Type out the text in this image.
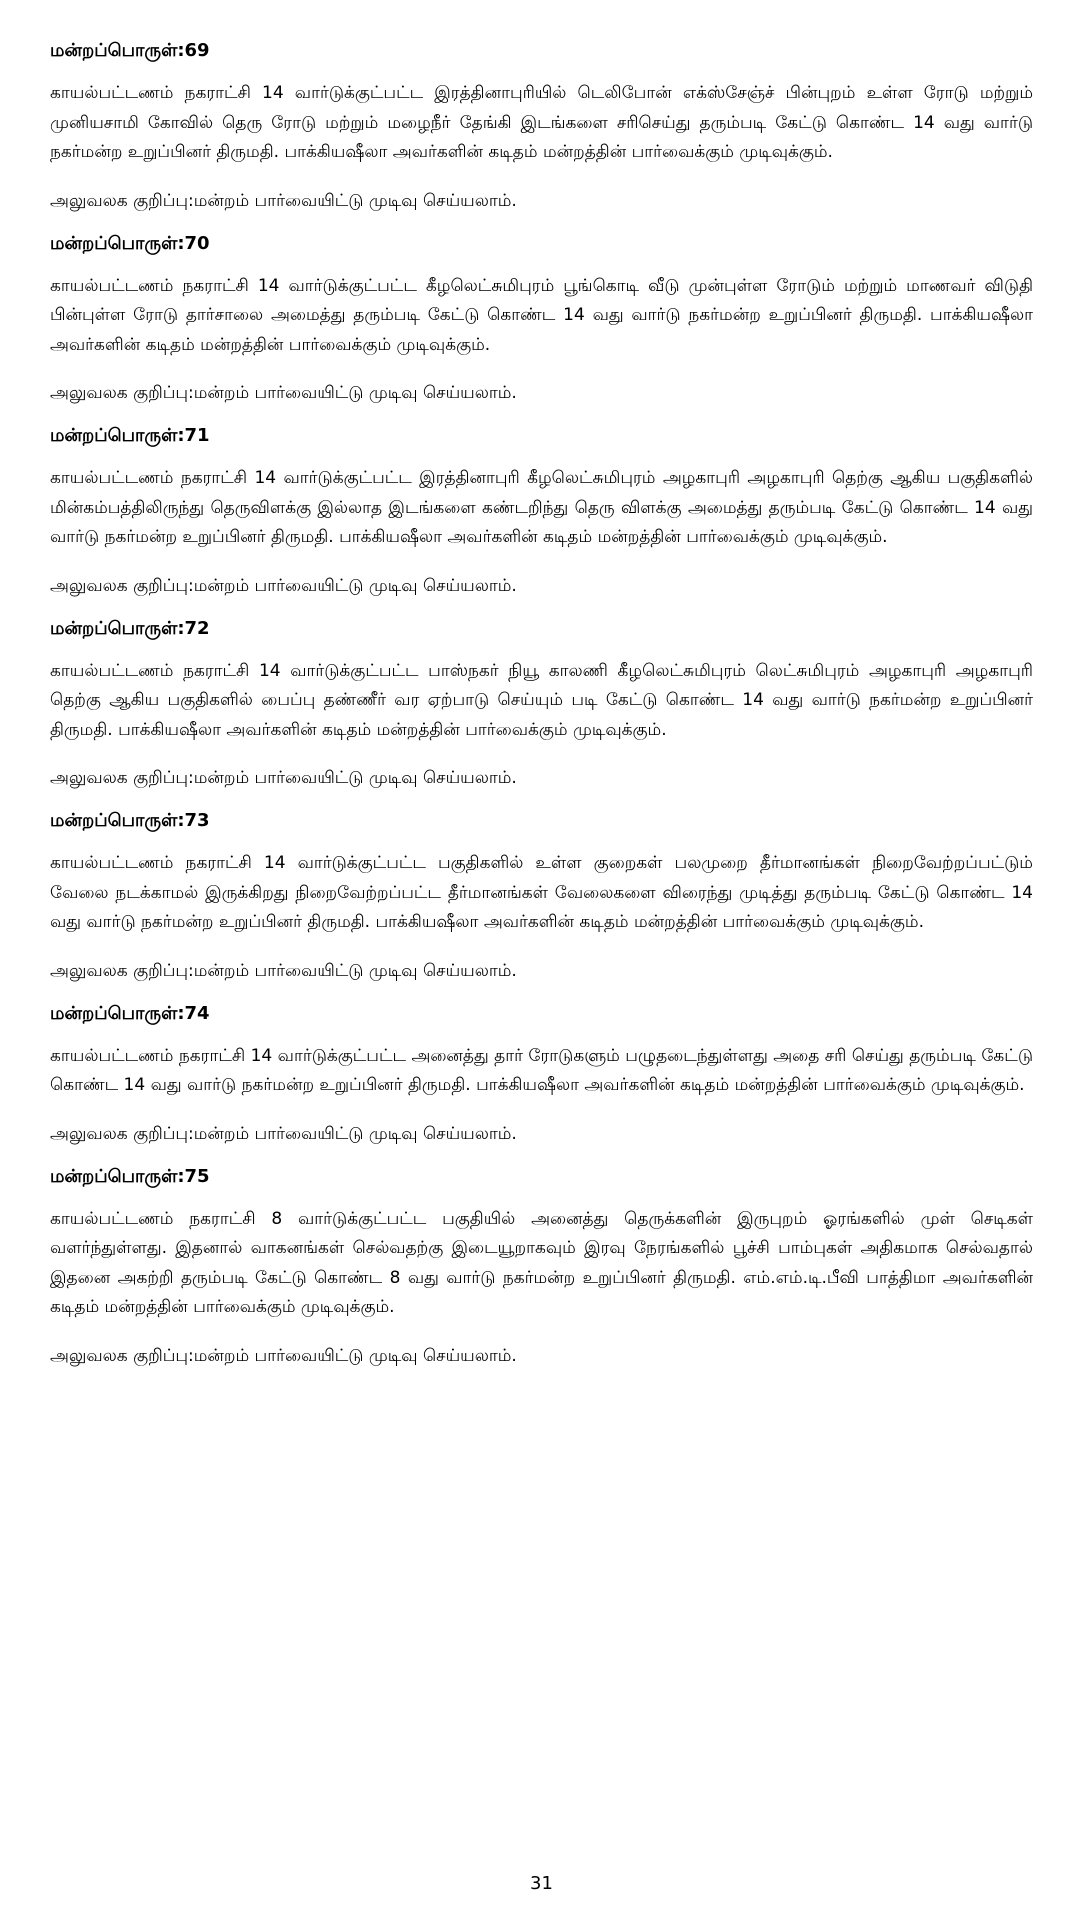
மன்றப்பொருள்:69
காயல்பட்டணம் நகராட்சி 14 வார்டுக்குட்பட்ட இரத்தினாபுரியில் டெலிபோன் எக்ஸ்சேஞ்ச் பின்புறம் உள்ள ரோடு மற்றும் முனியசாமி கோவில் தெரு ரோடு மற்றும் மழைநீர் தேங்கி இடங்களை சரிசெய்து தரும்படி கேட்டு கொண்ட 14 வது வார்டு நகர்மன்ற உறுப்பினர் திருமதி. பாக்கியஷீலா அவர்களின் கடிதம் மன்றத்தின் பார்வைக்கும் முடிவுக்கும்.
அலுவலக குறிப்பு:மன்றம் பார்வையிட்டு முடிவு செய்யலாம்.
மன்றப்பொருள்:70
காயல்பட்டணம் நகராட்சி 14 வார்டுக்குட்பட்ட கீழலெட்சுமிபுரம் பூங்கொடி வீடு முன்புள்ள ரோடும் மற்றும் மாணவர் விடுதி பின்புள்ள ரோடு தார்சாலை அமைத்து தரும்படி கேட்டு கொண்ட 14 வது வார்டு நகர்மன்ற உறுப்பினர் திருமதி. பாக்கியஷீலா அவர்களின் கடிதம் மன்றத்தின் பார்வைக்கும் முடிவுக்கும்.
அலுவலக குறிப்பு:மன்றம் பார்வையிட்டு முடிவு செய்யலாம்.
மன்றப்பொருள்:71
காயல்பட்டணம் நகராட்சி 14 வார்டுக்குட்பட்ட இரத்தினாபுரி கீழலெட்சுமிபுரம் அழகாபுரி அழகாபுரி தெற்கு ஆகிய பகுதிகளில் மின்கம்பத்திலிருந்து தெருவிளக்கு இல்லாத இடங்களை கண்டறிந்து தெரு விளக்கு அமைத்து தரும்படி கேட்டு கொண்ட 14 வது வார்டு நகர்மன்ற உறுப்பினர் திருமதி. பாக்கியஷீலா அவர்களின் கடிதம் மன்றத்தின் பார்வைக்கும் முடிவுக்கும்.
அலுவலக குறிப்பு:மன்றம் பார்வையிட்டு முடிவு செய்யலாம்.
மன்றப்பொருள்:72
காயல்பட்டணம் நகராட்சி 14 வார்டுக்குட்பட்ட பாஸ்நகர் நியூ காலணி கீழலெட்சுமிபுரம் லெட்சுமிபுரம் அழகாபுரி அழகாபுரி தெற்கு ஆகிய பகுதிகளில் பைப்பு தண்ணீர் வர ஏற்பாடு செய்யும் படி கேட்டு கொண்ட 14 வது வார்டு நகர்மன்ற உறுப்பினர் திருமதி. பாக்கியஷீலா அவர்களின் கடிதம் மன்றத்தின் பார்வைக்கும் முடிவுக்கும்.
அலுவலக குறிப்பு:மன்றம் பார்வையிட்டு முடிவு செய்யலாம்.
மன்றப்பொருள்:73
காயல்பட்டணம் நகராட்சி 14 வார்டுக்குட்பட்ட பகுதிகளில் உள்ள குறைகள் பலமுறை தீர்மானங்கள் நிறைவேற்றப்பட்டும் வேலை நடக்காமல் இருக்கிறது நிறைவேற்றப்பட்ட தீர்மானங்கள் வேலைகளை விரைந்து முடித்து தரும்படி கேட்டு கொண்ட 14 வது வார்டு நகர்மன்ற உறுப்பினர் திருமதி. பாக்கியஷீலா அவர்களின் கடிதம் மன்றத்தின் பார்வைக்கும் முடிவுக்கும்.
அலுவலக குறிப்பு:மன்றம் பார்வையிட்டு முடிவு செய்யலாம்.
மன்றப்பொருள்:74
காயல்பட்டணம் நகராட்சி 14 வார்டுக்குட்பட்ட அனைத்து தார் ரோடுகளும் பழுதடைந்துள்ளது அதை சரி செய்து தரும்படி கேட்டு கொண்ட 14 வது வார்டு நகர்மன்ற உறுப்பினர் திருமதி. பாக்கியஷீலா அவர்களின் கடிதம் மன்றத்தின் பார்வைக்கும் முடிவுக்கும்.
அலுவலக குறிப்பு:மன்றம் பார்வையிட்டு முடிவு செய்யலாம்.
மன்றப்பொருள்:75
காயல்பட்டணம் நகராட்சி 8 வார்டுக்குட்பட்ட பகுதியில் அனைத்து தெருக்களின் இருபுறம் ஓரங்களில் முள் செடிகள் வளர்ந்துள்ளது. இதனால் வாகனங்கள் செல்வதற்கு இடையூறாகவும் இரவு நேரங்களில் பூச்சி பாம்புகள் அதிகமாக செல்வதால் இதனை அகற்றி தரும்படி கேட்டு கொண்ட 8 வது வார்டு நகர்மன்ற உறுப்பினர் திருமதி. எம்.எம்.டி.பீவி பாத்திமா அவர்களின் கடிதம் மன்றத்தின் பார்வைக்கும் முடிவுக்கும்.
அலுவலக குறிப்பு:மன்றம் பார்வையிட்டு முடிவு செய்யலாம்.
31
